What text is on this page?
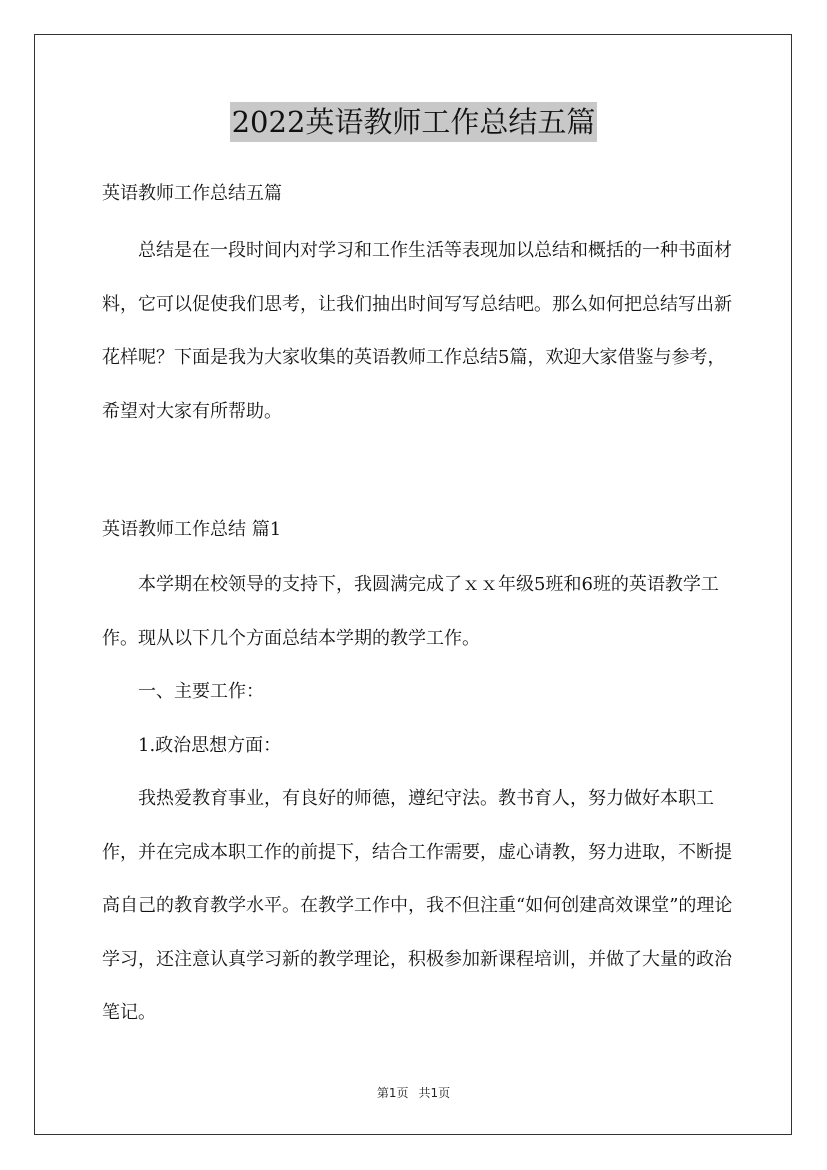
2022英语教师工作总结五篇

英语教师工作总结五篇

总结是在一段时间内对学习和工作生活等表现加以总结和概括的一种书面材料，它可以促使我们思考，让我们抽出时间写写总结吧。那么如何把总结写出新花样呢？下面是我为大家收集的英语教师工作总结5篇，欢迎大家借鉴与参考，希望对大家有所帮助。

英语教师工作总结 篇1

本学期在校领导的支持下，我圆满完成了ｘｘ年级5班和6班的英语教学工作。现从以下几个方面总结本学期的教学工作。

一、主要工作：

1.政治思想方面：

我热爱教育事业，有良好的师德，遵纪守法。教书育人，努力做好本职工作，并在完成本职工作的前提下，结合工作需要，虚心请教，努力进取，不断提高自己的教育教学水平。在教学工作中，我不但注重“如何创建高效课堂”的理论学习，还注意认真学习新的教学理论，积极参加新课程培训，并做了大量的政治笔记。

第1页 共1页
